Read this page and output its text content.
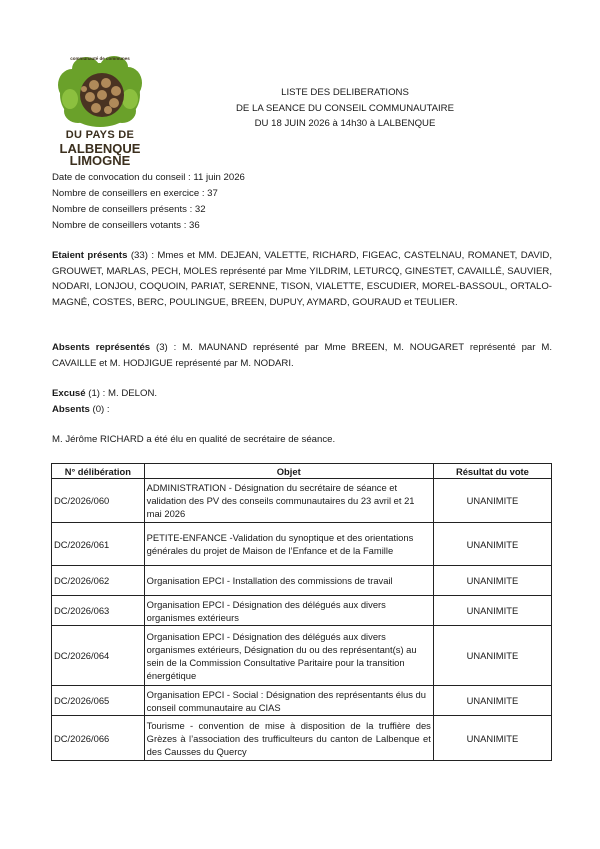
communauté de communes
DU PAYS DE
LALBENQUE
LIMOGNE
LISTE DES DELIBERATIONS
DE LA SEANCE DU CONSEIL COMMUNAUTAIRE
DU 18 JUIN 2026 à 14h30 à LALBENQUE
Date de convocation du conseil : 11 juin 2026
Nombre de conseillers en exercice : 37
Nombre de conseillers présents : 32
Nombre de conseillers votants : 36
Etaient présents (33) : Mmes et MM. DEJEAN, VALETTE, RICHARD, FIGEAC, CASTELNAU, ROMANET, DAVID, GROUWET, MARLAS, PECH, MOLES représenté par Mme YILDRIM, LETURCQ, GINESTET, CAVAILLÉ, SAUVIER, NODARI, LONJOU, COQUOIN, PARIAT, SERENNE, TISON, VIALETTE, ESCUDIER, MOREL-BASSOUL, ORTALO-MAGNÉ, COSTES, BERC, POULINGUE, BREEN, DUPUY, AYMARD, GOURAUD et TEULIER.
Absents représentés (3) : M. MAUNAND représenté par Mme BREEN, M. NOUGARET représenté par M. CAVAILLE et M. HODJIGUE représenté par M. NODARI.
Excusé (1) : M. DELON.
Absents (0) :
M. Jérôme RICHARD a été élu en qualité de secrétaire de séance.
N° délibération	Objet	Résultat du vote
DC/2026/060	ADMINISTRATION - Désignation du secrétaire de séance et validation des PV des conseils communautaires du 23 avril et 21 mai 2026	UNANIMITE
DC/2026/061	PETITE-ENFANCE -Validation du synoptique et des orientations générales du projet de Maison de l’Enfance et de la Famille	UNANIMITE
DC/2026/062	Organisation EPCI - Installation des commissions de travail	UNANIMITE
DC/2026/063	Organisation EPCI - Désignation des délégués aux divers organismes extérieurs	UNANIMITE
DC/2026/064	Organisation EPCI - Désignation des délégués aux divers organismes extérieurs, Désignation du ou des représentant(s) au sein de la Commission Consultative Paritaire pour la transition énergétique	UNANIMITE
DC/2026/065	Organisation EPCI - Social : Désignation des représentants élus du conseil communautaire au CIAS	UNANIMITE
DC/2026/066	Tourisme - convention de mise à disposition de la truffière des Grèzes à l’association des trufficulteurs du canton de Lalbenque et des Causses du Quercy	UNANIMITE
